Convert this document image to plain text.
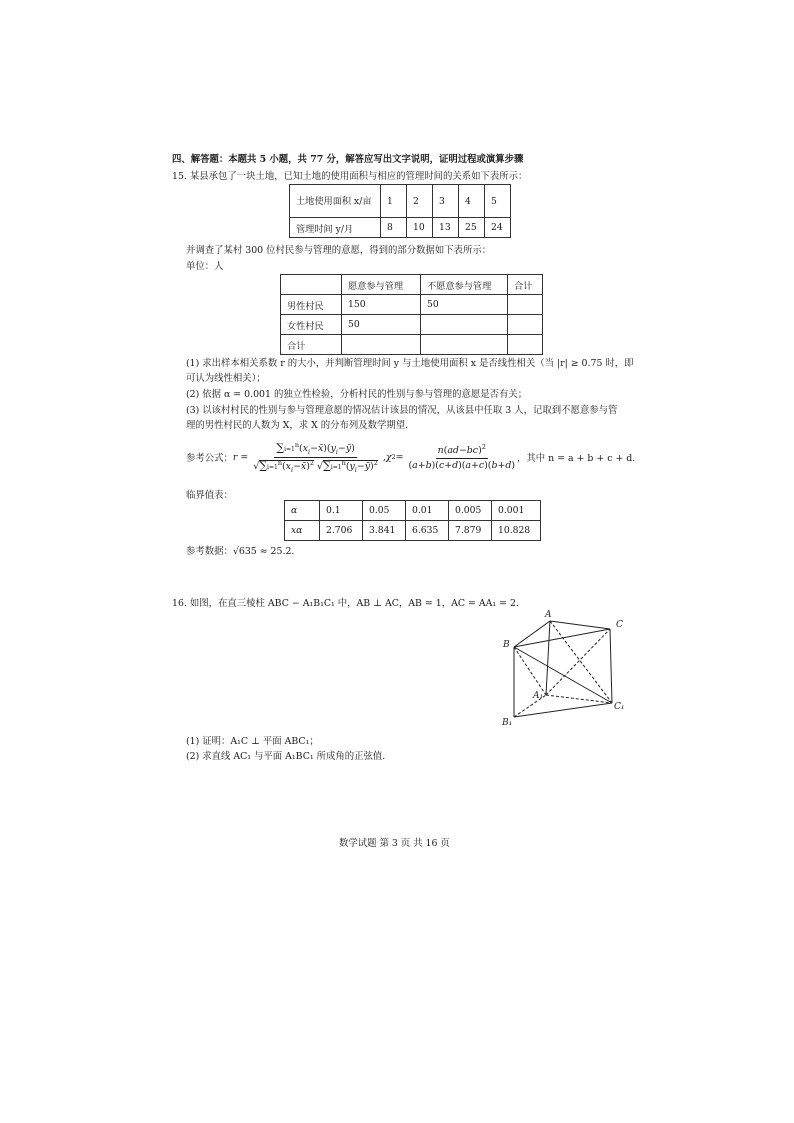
四、解答题：本题共 5 小题，共 77 分，解答应写出文字说明，证明过程或演算步骤
15. 某县承包了一块土地，已知土地的使用面积与相应的管理时间的关系如下表所示：
土地使用面积 x/亩	1	2	3	4	5
管理时间 y/月	8	10	13	25	24
并调查了某村 300 位村民参与管理的意愿，得到的部分数据如下表所示：
单位：人
	愿意参与管理	不愿意参与管理	合计
男性村民	150	50	
女性村民	50		
合计			
(1) 求出样本相关系数 r 的大小，并判断管理时间 y 与土地使用面积 x 是否线性相关（当 |r| ≥ 0.75 时，即
可认为线性相关）；
(2) 依据 α = 0.001 的独立性检验，分析村民的性别与参与管理的意愿是否有关；
(3) 以该村村民的性别与参与管理意愿的情况估计该县的情况，从该县中任取 3 人，记取到不愿意参与管
理的男性村民的人数为 X，求 X 的分布列及数学期望.
参考公式： $r = \frac{\sum i=1^n(x_i-x̄)(y_i-ȳ)}{√\sum i=1^n(x_i-x̄)^2 √\sum i=1^n(y_i-ȳ)^2}$ , χ $2 = \frac{n(ad-bc)^2}{(a+b)(c+d)(a+c)(b+d)}$ ，其中 n = a + b + c + d.
临界值表：
α	0.1	0.05	0.01	0.005	0.001
xα	2.706	3.841	6.635	7.879	10.828
参考数据：√635 ≈ 25.2.
16. 如图，在直三棱柱 ABC − A₁B₁C₁ 中，AB ⊥ AC，AB = 1，AC = AA₁ = 2.
A
B
C
A₁
B₁
C₁
(1) 证明：A₁C ⊥ 平面 ABC₁；
(2) 求直线 AC₁ 与平面 A₁BC₁ 所成角的正弦值.
数学试题 第 3 页 共 16 页
